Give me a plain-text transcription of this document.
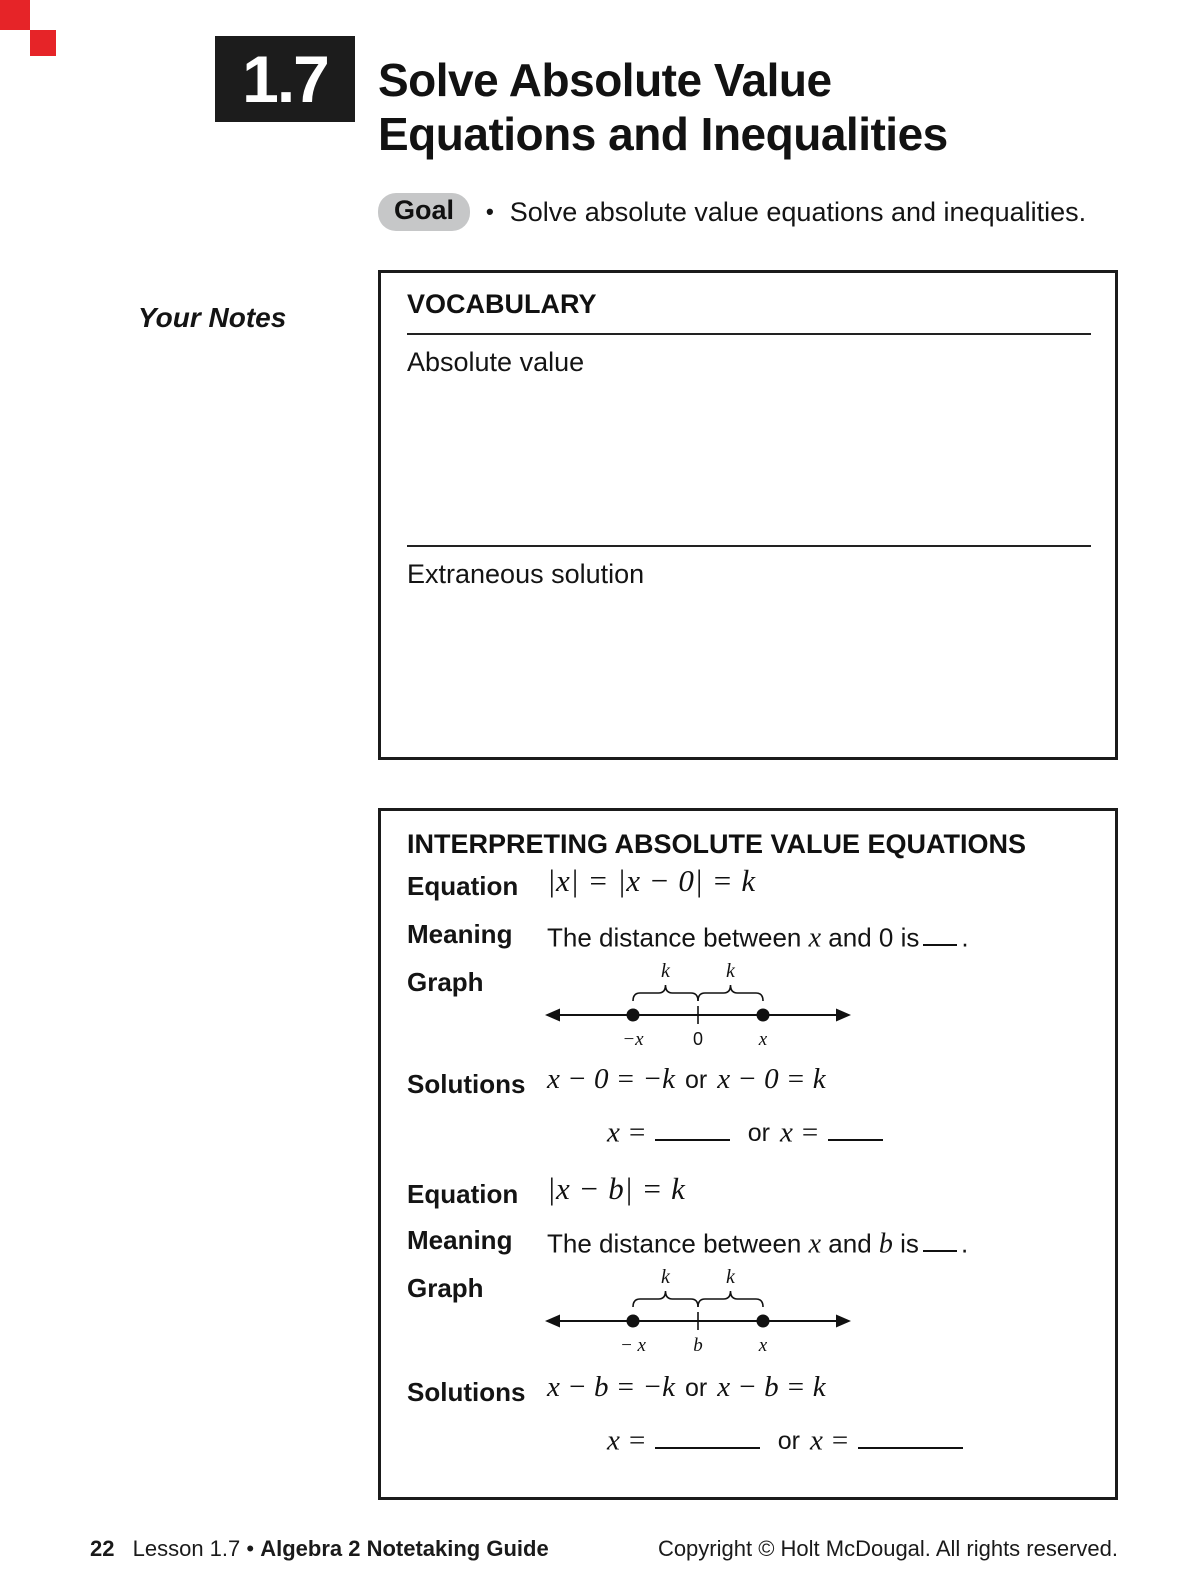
1.7 Solve Absolute Value
Equations and Inequalities
Goal	• Solve absolute value equations and inequalities.
Your Notes	VOCABULARY
Absolute value
Extraneous solution
INTERPRETING ABSOLUTE VALUE EQUATIONS
Equation |x| = |x − 0| = k
Meaning The distance between x and 0 is .
Graph	k	k
−x	0	x
Solutions x − 0 = −k or x − 0 = k
x =	or x =
Equation |x − b| = k
Meaning The distance between x and b is .
Graph	k	k
− x b	x
Solutions x − b = −k or x − b = k
x =	or x =
22 Lesson 1.7 • Algebra 2 Notetaking Guide	Copyright © Holt McDougal. All rights reserved.
